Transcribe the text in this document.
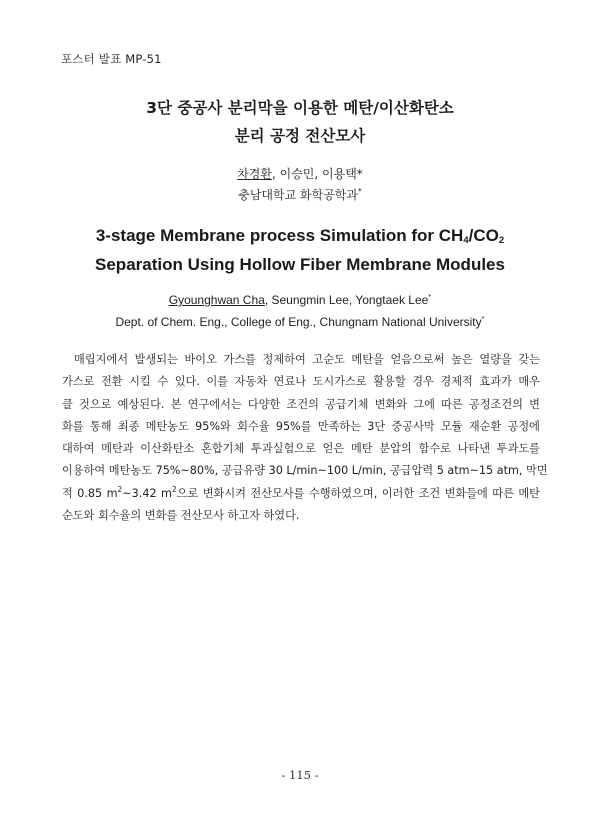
포스터 발표 MP-51
3단 중공사 분리막을 이용한 메탄/이산화탄소
분리 공정 전산모사
차경환, 이승민, 이용택*
충남대학교 화학공학과*
3-stage Membrane process Simulation for $CH_4/CO_2$
Separation Using Hollow Fiber Membrane Modules
Gyounghwan Cha, Seungmin Lee, Yongtaek Lee*
Dept. of Chem. Eng., College of Eng., Chungnam National University*
매립지에서 발생되는 바이오 가스를 정제하여 고순도 메탄을 얻음으로써 높은 열량을 갖는
가스로 전환 시킬 수 있다. 이를 자동차 연료나 도시가스로 활용할 경우 경제적 효과가 매우
클 것으로 예상된다. 본 연구에서는 다양한 조건의 공급기체 변화와 그에 따른 공정조건의 변
화를 통해 최종 메탄농도 95%와 회수율 95%를 만족하는 3단 중공사막 모듈 재순환 공정에
대하여 메탄과 이산화탄소 혼합기체 투과실험으로 얻은 메탄 분압의 함수로 나타낸 투과도를
이용하여 메탄농도 75%~80%, 공급유량 30 L/min~100 L/min, 공급압력 5 atm~15 atm, 막면
적 0.85 $m^2\sim 3.42$ $m^2$으로 변화시켜 전산모사를 수행하였으며, 이러한 조건 변화들에 따른 메탄
순도와 회수율의 변화를 전산모사 하고자 하였다.
- 115 -
